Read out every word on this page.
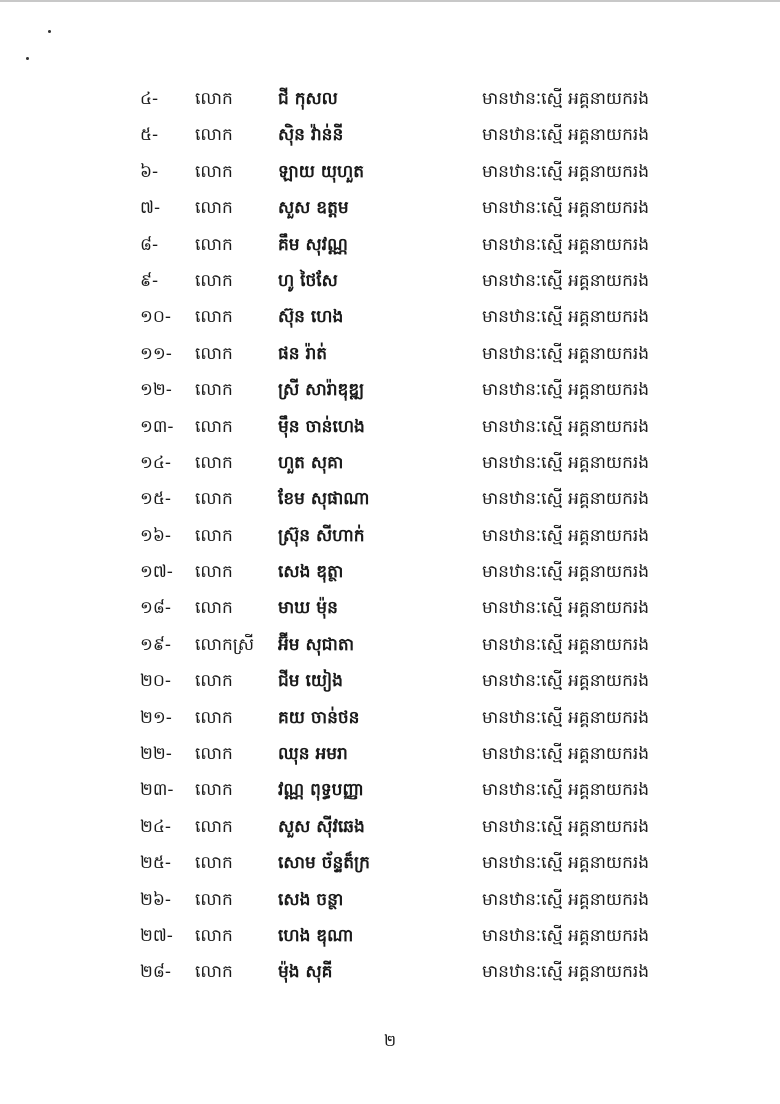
៤- លោក	ជី កុសល	មានឋានៈស្មើ អគ្គនាយករង
៥- លោក	ស៊ិន វ៉ាន់នី	មានឋានៈស្មើ អគ្គនាយករង
៦- លោក	ឡាយ យុហួត	មានឋានៈស្មើ អគ្គនាយករង
៧- លោក	សួស ឧត្តម	មានឋានៈស្មើ អគ្គនាយករង
៨- លោក	គឹម សុវណ្ណ	មានឋានៈស្មើ អគ្គនាយករង
៩- លោក	ហូ ថៃសែ	មានឋានៈស្មើ អគ្គនាយករង
១០- លោក	ស៊ុន ហេង	មានឋានៈស្មើ អគ្គនាយករង
១១- លោក	ផន រ៉ាត់	មានឋានៈស្មើ អគ្គនាយករង
១២- លោក	ស្រី សារ៉ាឌុឌ្ឍ	មានឋានៈស្មើ អគ្គនាយករង
១៣- លោក	ម៉ឹន ចាន់ហេង	មានឋានៈស្មើ អគ្គនាយករង
១៤- លោក	ហួត សុគា	មានឋានៈស្មើ អគ្គនាយករង
១៥- លោក	ខែម សុផាណា	មានឋានៈស្មើ អគ្គនាយករង
១៦- លោក	ស្រ៊ុន សីហាក់	មានឋានៈស្មើ អគ្គនាយករង
១៧- លោក	សេង ឌុត្ថា	មានឋានៈស្មើ អគ្គនាយករង
១៨- លោក	មាឃ ម៉ុន	មានឋានៈស្មើ អគ្គនាយករង
១៩- លោកស្រី អ៊ីម សុជាតា	មានឋានៈស្មើ អគ្គនាយករង
២០- លោក	ជីម យៀង	មានឋានៈស្មើ អគ្គនាយករង
២១- លោក	គយ ចាន់ថន	មានឋានៈស្មើ អគ្គនាយករង
២២- លោក	ឈុន អមរា	មានឋានៈស្មើ អគ្គនាយករង
២៣- លោក	វណ្ណ ពុទ្ធបញ្ញា	មានឋានៈស្មើ អគ្គនាយករង
២៤- លោក	សួស ស៊ីវឆេង	មានឋានៈស្មើ អគ្គនាយករង
២៥- លោក	សោម ច័ន្ទត៏ក្រ	មានឋានៈស្មើ អគ្គនាយករង
២៦- លោក	សេង ចន្ថា	មានឋានៈស្មើ អគ្គនាយករង
២៧- លោក	ហេង ឌុណា	មានឋានៈស្មើ អគ្គនាយករង
២៨- លោក	ម៉ុង សុគី	មានឋានៈស្មើ អគ្គនាយករង
២
